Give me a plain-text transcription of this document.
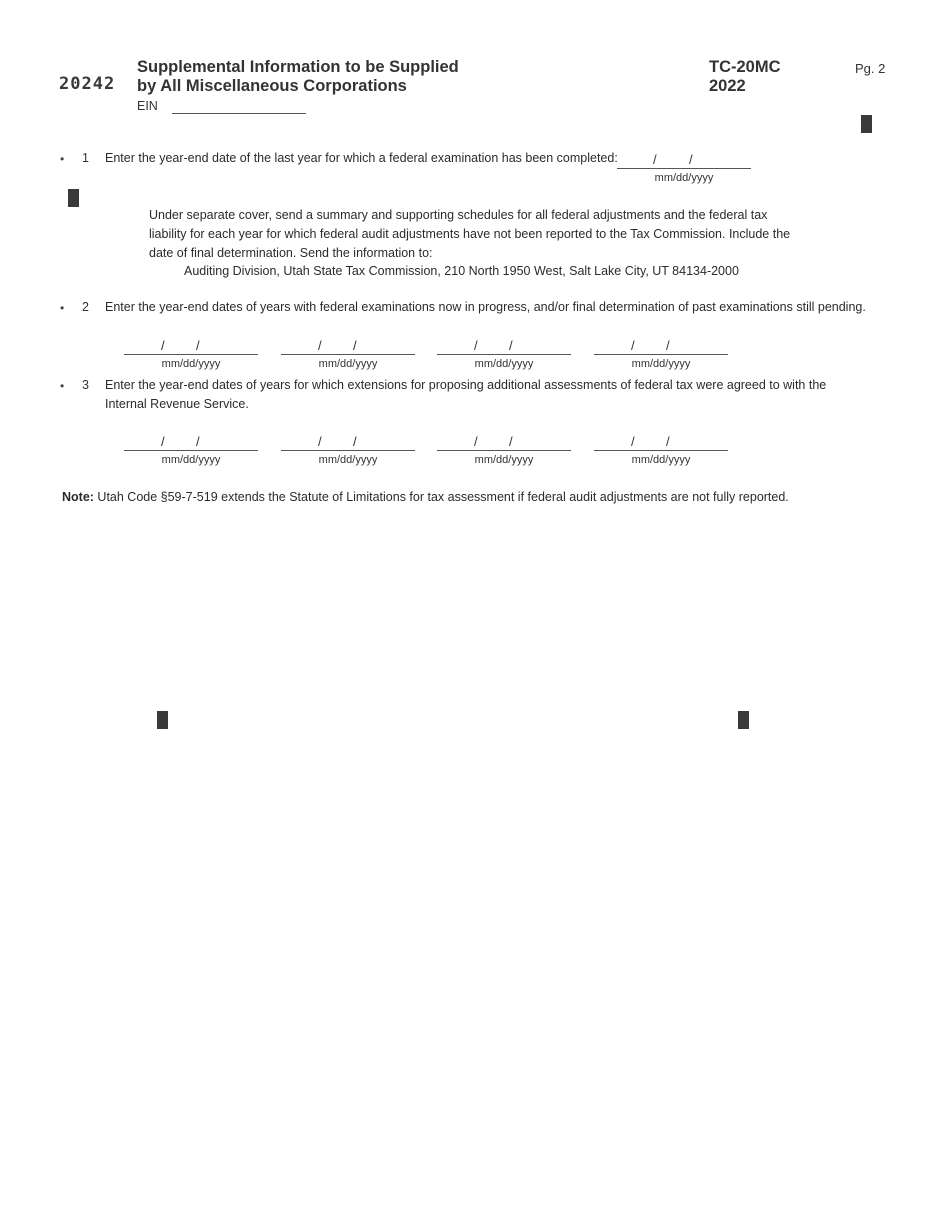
20242
Supplemental Information to be Supplied
by All Miscellaneous Corporations
TC-20MC
2022
Pg. 2
EIN
• 1 Enter the year-end date of the last year for which a federal examination has been completed:	/ /
mm/dd/yyyy
Under separate cover, send a summary and supporting schedules for all federal adjustments and the federal tax
liability for each year for which federal audit adjustments have not been reported to the Tax Commission. Include the
date of final determination. Send the information to:
Auditing Division, Utah State Tax Commission, 210 North 1950 West, Salt Lake City, UT 84134-2000
• 2 Enter the year-end dates of years with federal examinations now in progress, and/or final determination of past examinations still pending.
/ /
mm/dd/yyyy
/ /
mm/dd/yyyy
/ /
mm/dd/yyyy
/ /
mm/dd/yyyy
• 3 Enter the year-end dates of years for which extensions for proposing additional assessments of federal tax were agreed to with the
Internal Revenue Service.
/ /
mm/dd/yyyy
/ /
mm/dd/yyyy
/ /
mm/dd/yyyy
/ /
mm/dd/yyyy
Note: Utah Code §59-7-519 extends the Statute of Limitations for tax assessment if federal audit adjustments are not fully reported.
